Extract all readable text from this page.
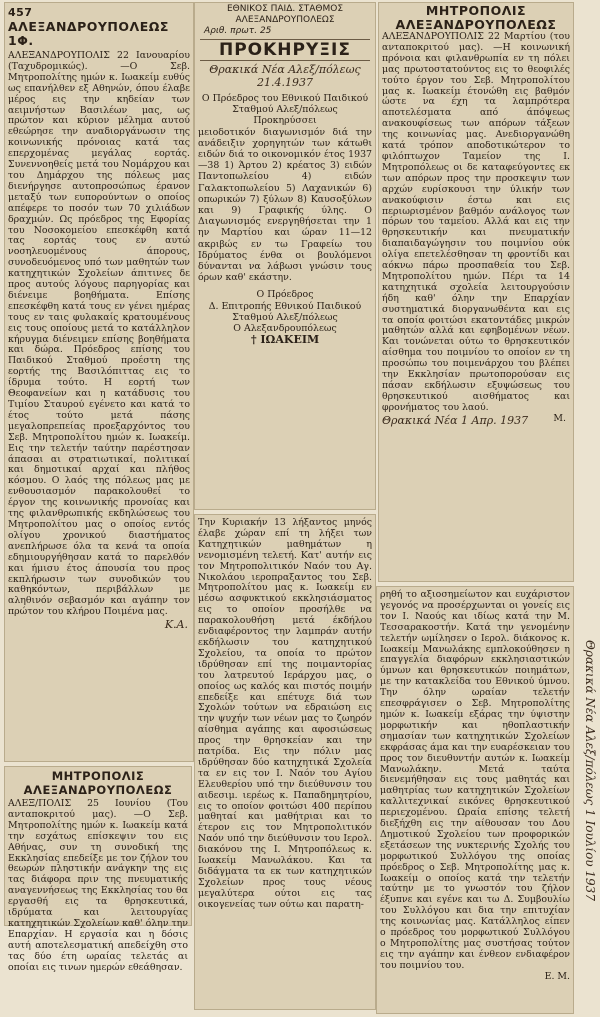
457 ΑΛΕΞΑΝΔΡΟΥΠΟΛΕΩΣ 1Φ.
ΑΛΕΞΑΝΔΡΟΥΠΟΛΙΣ 22 Ιανουαρίου (Ταχυδρομικώς). —Ο Σεβ. Μητροπολίτης ημών κ. Ιωακείμ ευθύς ως επανήλθεν εξ Αθηνών, όπου έλαβε μέρος εις την κηδείαν των αειμνήστων Βασιλέων μας, ως πρώτον και κύριον μέλημα αυτού εθεώρησε την αναδιοργάνωσιν της κοινωνικής πρόνοιας κατά τας επερχομένας μεγάλας εορτάς. Συνεννοηθείς μετά του Νομάρχου και του Δημάρχου της πόλεως μας διενήργησε αυτοπροσώπως έρανον μεταξύ των ευπορούντων ο οποίος απέφερε το ποσόν των 70 χιλιάδων δραχμών. Ως πρόεδρος της Εφορίας του Νοσοκομείου επεσκέφθη κατά τας εορτάς τους εν αυτώ νοσηλευομένους άπορους, συνοδευόμενος υπό των μαθητών των κατηχητικών Σχολείων άπιτινες δε προς αυτούς λόγους παρηγορίας και διένειμε βοηθήματα. Επίσης επεσκέφθη κατά τους εν γένει ημέρας τους εν ταις φυλακαίς κρατουμένους εις τους οποίους μετά το κατάλληλον κήρυγμα διένειμεν επίσης βοηθήματα και δώρα. Πρόεδρος επίσης του Παιδικού Σταθμού προέστη της εορτής της Βασιλόπιττας εις το ίδρυμα τούτο. Η εορτή των Θεοφανείων και η κατάδυσις του Τιμίου Σταυρού εγένετο και κατά το έτος τούτο μετά πάσης μεγαλοπρεπείας προεξαρχόντος του Σεβ. Μητροπολίτου ημών κ. Ιωακείμ. Εις την τελετήν ταύτην παρέστησαν άπασαι αι στρατιωτικαί, πολιτικαί και δημοτικαί αρχαί και πλήθος κόσμου. Ο λαός της πόλεως μας με ενθουσιασμόν παρακολουθεί το έργον της κοινωνικής προνοίας και της φιλανθρωπικής εκδηλώσεως του Μητροπολίτου μας ο οποίος εντός ολίγου χρονικού διαστήματος ανεπλήρωσε όλα τα κενά τα οποία εδημιουργήθησαν κατά το παρελθόν και ήμισυ έτος άπουσία του προς εκπλήρωσιν των συνοδικών του καθηκόντων, περιβάλλων με αληθινόν σεβασμόν και αγάπην τον πρώτον του κλήρου Ποιμένα μας.
Κ.Α.
ΜΗΤΡΟΠΟΛΙΣ ΑΛΕΞΑΝΔΡΟΥΠΟΛΕΩΣ
ΑΛΕΞ/ΠΟΛΙΣ 25 Ιουνίου (Του ανταποκριτού μας). —Ο Σεβ. Μητροπολίτης ημών κ. Ιωακείμ κατά την εσχάτως επίσκεψιν του εις Αθήνας, συν τη συνοδική της Εκκλησίας επεδείξε με τον ζήλον του θεωρών πληστικήν ανάγκην της εις τας διάφορα πριν της πνευματικής αναγεννήσεως της Εκκλησίας του θα εργασθή εις τα θρησκευτικά, ιδρύματα και λειτουργίας κατηχητικών Σχολείων καθ' όλην την Επαρχίαν. Η εργασία και η δόσις αυτή αποτελεσματική απεδείχθη στο τας δύο έτη ωραίας τελετάς αι οποίαι εις τινων ημερών εθεάθησαν.
ΕΘΝΙΚΟΣ ΠΑΙΔ. ΣΤΑΘΜΟΣ
ΑΛΕΞΑΝΔΡΟΥΠΟΛΕΩΣ
Αριθ. πρωτ. 25
ΠΡΟΚΗΡΥΞΙΣ
Θρακικά Νέα Αλεξ/πόλεως
21.4.1937
Ο Πρόεδρος του Εθνικού Παιδικού Σταθμού Αλεξ/πόλεως
Προκηρύσσει
μειοδοτικόν διαγωνισμόν διά την ανάδειξιν χορηγητών των κάτωθι ειδών διά το οικονομικόν έτος 1937—38 1) Άρτου 2) κρέατος 3) ειδών Παντοπωλείου 4) ειδών Γαλακτοπωλείου 5) Λαχανικών 6) οπωρικών 7) ξύλων 8) Καυσοξύλων και 9) Γραφικής ύλης. Ο Διαγωνισμός ενεργηθήσεται την 1 ην Μαρτίου και ώραν 11—12 ακριβώς εν τω Γραφείω του Ιδρύματος ένθα οι βουλόμενοι δύνανται να λάβωσι γνώσιν τους όρων καθ' εκάστην.
Ο Πρόεδρος
Δ. Επιτροπής Εθνικού Παιδικού Σταθμού Αλεξ/πόλεως
Ο Αλεξανδρουπόλεως
† ΙΩΑΚΕΙΜ
Την Κυριακήν 13 λήξαντος μηνός έλαβε χώραν επί τη λήξει των Κατηχητικών μαθημάτων η νενομισμένη τελετή. Κατ' αυτήν εις τον Μητροπολιτικόν Ναόν του Αγ. Νικολάου ιεροπραξαντος του Σεβ. Μητροπολίτου μας κ. Ιωακείμ εν μέσω ασφυκτικού εκκλησιάσματος εις το οποίον προσήλθε να παρακολουθήση μετά έκδήλου ενδιαφέροντος την λαμπράν αυτήν εκδήλωσιν του κατηχητικού Σχολείου, τα οποία το πρώτον ιδρύθησαν επί της ποιμαντορίας του λατρευτού Ιεράρχου μας, ο οποίος ως καλός και πιστός ποιμήν επεδείξε και επέτυχε διά των Σχολών τούτων να εδραιώση εις την ψυχήν των νέων μας το ζωηρόν αίσθημα αγάπης και αφοσιώσεως προς την θρησκείαν και την πατρίδα. Εις την πόλιν μας ιδρύθησαν δύο κατηχητικά Σχολεία τα εν εις τον Ι. Ναόν του Αγίου Ελευθερίου υπό την διεύθυνσιν του αιδεσιμ. ιερέως κ. Παπαδημητρίου, εις το οποίον φοιτώσι 400 περίπου μαθηταί και μαθήτριαι και το έτερον εις τον Μητροπολιτικόν Ναόν υπό την διεύθυνσιν του Ιερολ. διακόνου της Ι. Μητροπόλεως κ. Ιωακείμ Μανωλάκου. Και τα διδάγματα τα εκ των κατηχητικών Σχολείων προς τους νέους μεγαλύτερα ούτοι εις τας οικογενείας των ούτω και παρατη-
ΜΗΤΡΟΠΟΛΙΣ
ΑΛΕΞΑΝΔΡΟΥΠΟΛΕΩΣ
ΑΛΕΞΑΝΔΡΟΥΠΟΛΙΣ 22 Μαρτίου (του ανταποκριτού μας). —Η κοινωνική πρόνοια και φιλανθρωπία εν τη πόλει μας πρωτοστατούντος εις το θεοφιλές τούτο έργον του Σεβ. Μητροπολίτου μας κ. Ιωακείμ έτονώθη εις βαθμόν ώστε να έχη τα λαμπρότερα αποτελέσματα από άπόψεως ανακουφίσεως των απόρων τάξεων της κοινωνίας μας. Ανεδιοργανώθη κατά τρόπον αποδοτικώτερον το φιλόπτωχον Ταμείον της Ι. Μητροπόλεως οι δε καταφεύγοντες εκ των απόρων προς την προσκεψιν των αρχών ευρίσκουσι την ύλικήν των ανακούφισιν έστω και εις περιωρισμένον βαθμόν ανάλογος των πόρων του ταμείου. Αλλά και εις την θρησκευτικήν και πνευματικήν διαπαιδαγώγησιν του ποιμνίου ούκ ολίγα επετελέσθησαν τη φροντίδι και αόκνω πάρω προσπαθεία του Σεβ. Μητροπολίτου ημών. Πέρι τα 14 κατηχητικά σχολεία λειτουργούσιν ήδη καθ' όλην την Επαρχίαν συστηματικά διοργανωθέντα και εις τα οποία φοιτώσι εκατοντάδες μικρών μαθητών αλλά και εφηβομένων νέων. Και τονώνεται ούτω το θρησκευτικόν αίσθημα του ποιμνίου το οποίον εν τη προσώπω του ποιμενάρχου του βλέπει την Εκκλησίαν πρωτοπορούσαν εις πάσαν εκδήλωσιν εξυψώσεως του θρησκευτικού αισθήματος και φρονήματος του λαού.
Θρακικά Νέα 1 Απρ. 1937	Μ.
ρηθή το αξιοσημείωτον και ευχάριστον γεγονός να προσέρχωνται οι γονείς εις τον Ι. Ναούς και ιδίως κατά την Μ. Τεσσαρακοστήν. Κατά την γενομένην τελετήν ωμίλησεν ο Ιερολ. διάκονος κ. Ιωακείμ Μανωλάκης εμπλοκούθησεν η επαγγελία διαφόρων εκκλησιαστικών ύμνων και θρησκευτικών ποιημάτων, με την κατακλείδα του Εθνικού ύμνου. Την όλην ωραίαν τελετήν επεσφράγισεν ο Σεβ. Μητροπολίτης ημών κ. Ιωακείμ εξάρας την ύψιστην μορφωτικήν και ηθοπλαστικήν σημασίαν των κατηχητικών Σχολείων εκφράσας άμα και την ευαρέσκειαν του προς τον διευθυντήν αυτών κ. Ιωακείμ Μανωλάκην. Μετά ταύτα διενεμήθησαν εις τους μαθητάς και μαθητρίας των κατηχητικών Σχολείων καλλιτεχνικαί εικόνες θρησκευτικού περιεχομένου. Ωραία επίσης τελετή διεξήχθη εις την αίθουσαν του Δου Δημοτικού Σχολείου των προφορικών εξετάσεων της νυκτερινής Σχολής του μορφωτικού Συλλόγου της οποίας πρόεδρος ο Σεβ. Μητροπολίτης μας κ. Ιωακείμ ο οποίος κατά την τελετήν ταύτην με το γνωστόν του ζήλον έξυπνε και εγένε και τω Δ. Συμβουλίω του Συλλόγου και δια την επιτυχίαν της κοινωνίας μας. Κατάλληλος είπεν ο πρόεδρος του μορφωτικού Συλλόγου ο Μητροπολίτης μας συστήσας τούτον εις την αγάπην και ένθεον ενδιαφέρον του ποιμνίου του.
Ε. Μ.
Θρακικά Νέα Αλεξ/πόλεως 1 Ιουλίου 1937
